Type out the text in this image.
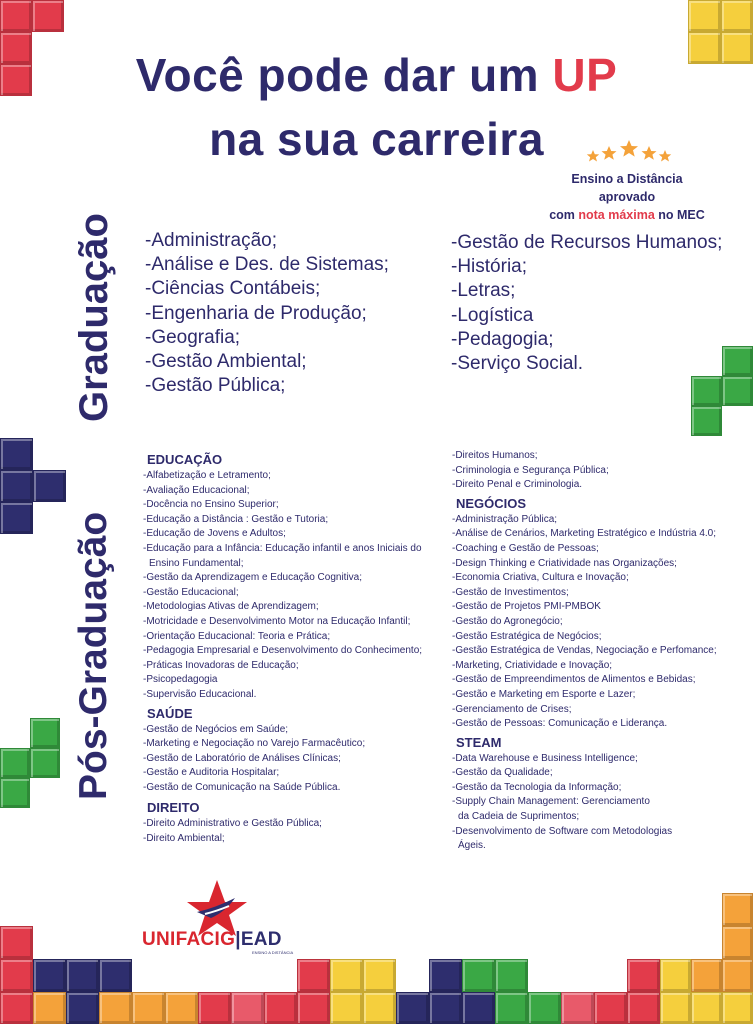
Você pode dar um UP
na sua carreira
Ensino a Distância aprovado
com nota máxima no MEC
Graduação -Administração;
-Análise e Des. de Sistemas;
-Ciências Contábeis;
-Engenharia de Produção;
-Geografia;
-Gestão Ambiental;
-Gestão Pública;
-Gestão de Recursos Humanos;
-História;
-Letras;
-Logística
-Pedagogia;
-Serviço Social.
Pós-Graduação
EDUCAÇÃO
-Alfabetização e Letramento;
-Avaliação Educacional;
-Docência no Ensino Superior;
-Educação a Distância : Gestão e Tutoria;
-Educação de Jovens e Adultos;
-Educação para a Infância: Educação infantil e anos Iniciais do
Ensino Fundamental;
-Gestão da Aprendizagem e Educação Cognitiva;
-Gestão Educacional;
-Metodologias Ativas de Aprendizagem;
-Motricidade e Desenvolvimento Motor na Educação Infantil;
-Orientação Educacional: Teoria e Prática;
-Pedagogia Empresarial e Desenvolvimento do Conhecimento;
-Práticas Inovadoras de Educação;
-Psicopedagogia
-Supervisão Educacional.
SAÚDE
-Gestão de Negócios em Saúde;
-Marketing e Negociação no Varejo Farmacêutico;
-Gestão de Laboratório de Análises Clínicas;
-Gestão e Auditoria Hospitalar;
-Gestão de Comunicação na Saúde Pública.
DIREITO
-Direito Administrativo e Gestão Pública;
-Direito Ambiental;
-Direitos Humanos;
-Criminologia e Segurança Pública;
-Direito Penal e Criminologia.
NEGÓCIOS
-Administração Pública;
-Análise de Cenários, Marketing Estratégico e Indústria 4.0;
-Coaching e Gestão de Pessoas;
-Design Thinking e Criatividade nas Organizações;
-Economia Criativa, Cultura e Inovação;
-Gestão de Investimentos;
-Gestão de Projetos PMI-PMBOK
-Gestão do Agronegócio;
-Gestão Estratégica de Negócios;
-Gestão Estratégica de Vendas, Negociação e Perfomance;
-Marketing, Criatividade e Inovação;
-Gestão de Empreendimentos de Alimentos e Bebidas;
-Gestão e Marketing em Esporte e Lazer;
-Gerenciamento de Crises;
-Gestão de Pessoas: Comunicação e Liderança.
STEAM
-Data Warehouse e Business Intelligence;
-Gestão da Qualidade;
-Gestão da Tecnologia da Informação;
-Supply Chain Management: Gerenciamento
da Cadeia de Suprimentos;
-Desenvolvimento de Software com Metodologias
Ágeis.
UNIFACIG|EAD
ENSINO A DISTÂNCIA
